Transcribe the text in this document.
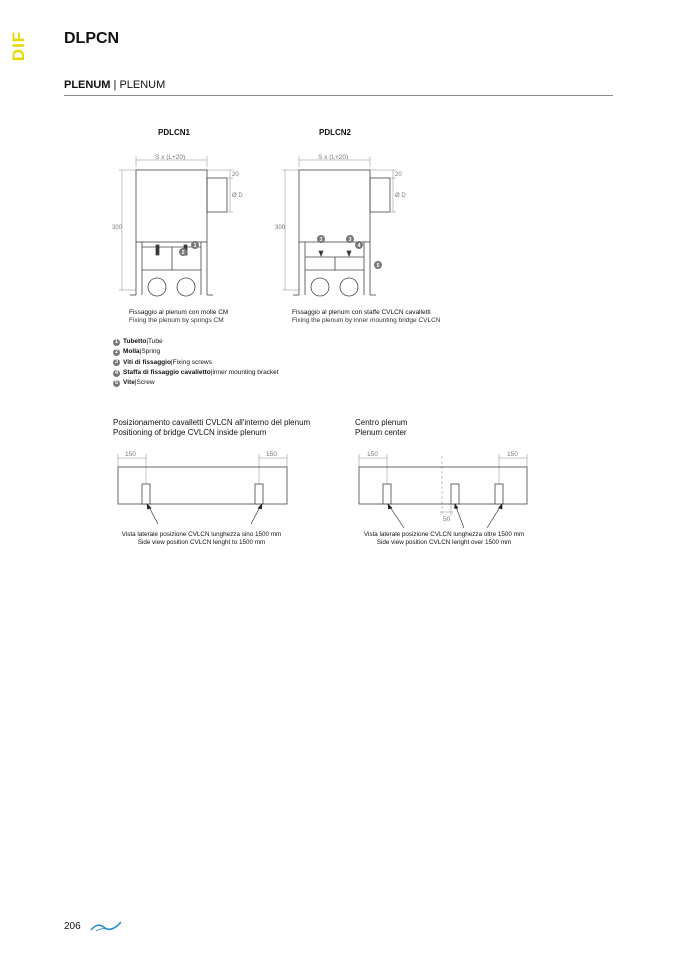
DIF DLPCN
PLENUM | PLENUM
PDLCN1
S x (L+20)
20
Ø D
300
1
2
Fissaggio al plenum con molle CM
Fixing the plenum by springs CM
PDLCN2
3	3
4
5
S x (L+20)
20
Ø D
300
Fissaggio al plenum con staffe CVLCN cavalletti
Fixing the plenum by inner mounting bridge CVLCN
1 Tubetto | Tube
2 Molla | Spring
3 Viti di fissaggio | Fixing screws
4 Staffa di fissaggio cavalletto | inner mounting bracket
5 Vite | Screw
Posizionamento cavalletti CVLCN all'interno del plenum
Positioning of bridge CVLCN inside plenum
150	150
Vista laterale posizione CVLCN lunghezza sino 1500 mm
Side view position CVLCN lenght to 1500 mm
Centro plenum
Plenum center
150	150
50
Vista laterale posizione CVLCN lunghezza oltre 1500 mm
Side view position CVLCN lenght over 1500 mm
206
